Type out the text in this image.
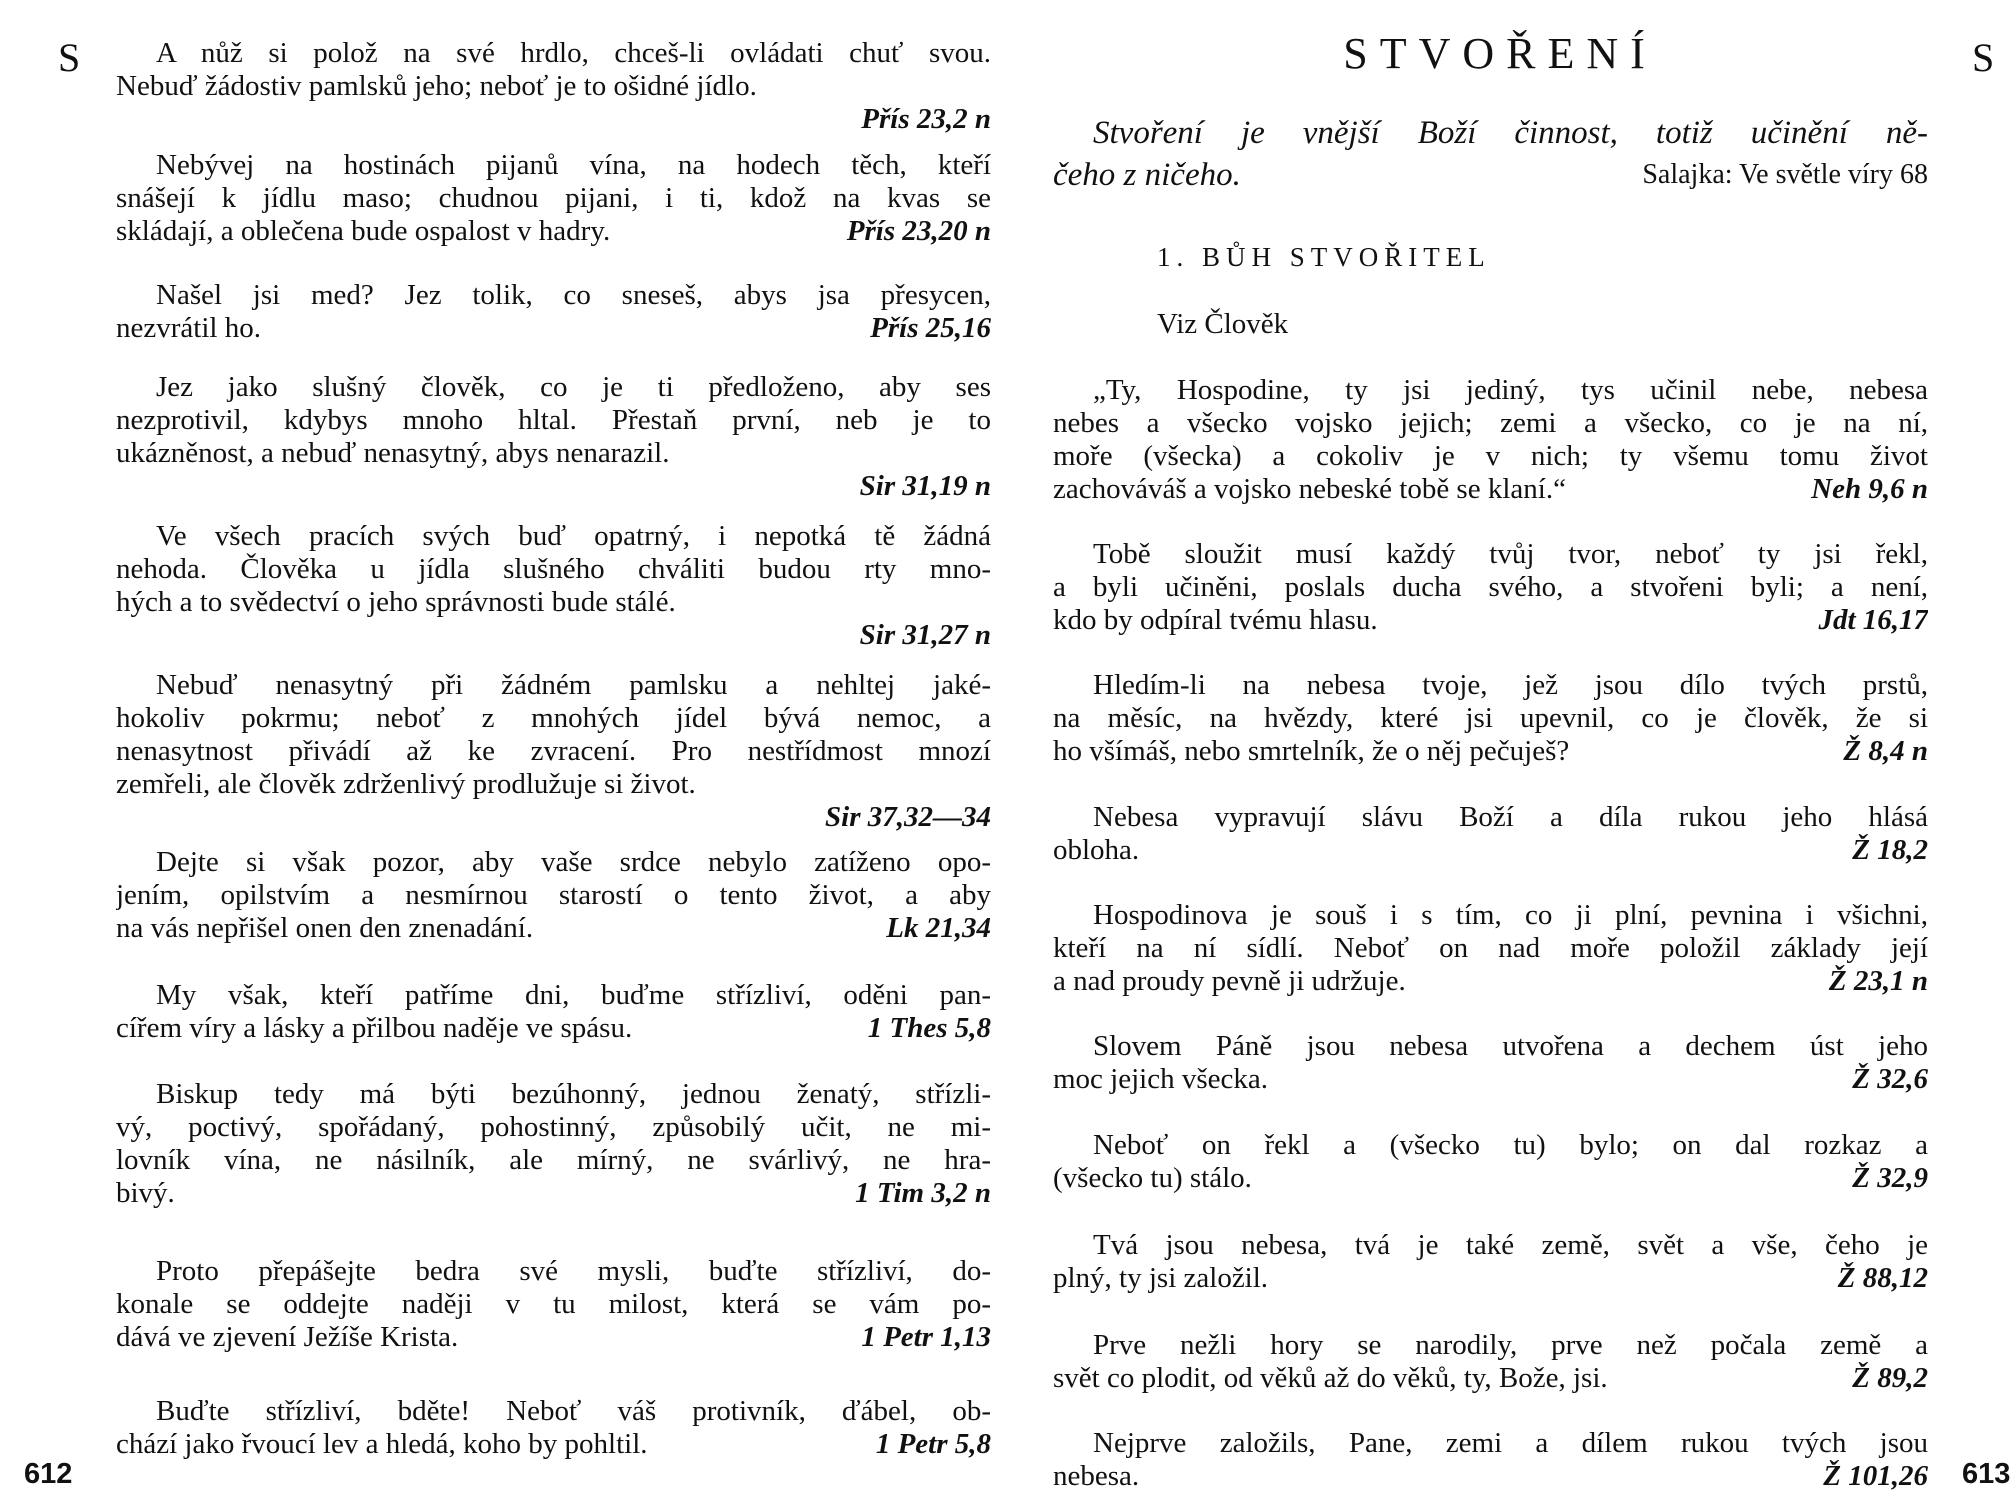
S	A nůž si polož na své hrdlo, chceš-li ovládati chuť svou.
Nebuď žádostiv pamlsků jeho; neboť je to ošidné jídlo.
Přís 23,2 n
Nebývej na hostinách pijanů vína, na hodech těch, kteří
snášejí k jídlu maso; chudnou pijani, i ti, kdož na kvas se
skládají, a oblečena bude ospalost v hadry.	Přís 23,20 n
Našel jsi med? Jez tolik, co sneseš, abys jsa přesycen,
nezvrátil ho.	Přís 25,16
Jez jako slušný člověk, co je ti předloženo, aby ses
nezprotivil, kdybys mnoho hltal. Přestaň první, neb je to
ukázněnost, a nebuď nenasytný, abys nenarazil.
Sir 31,19 n
Ve všech pracích svých buď opatrný, i nepotká tě žádná
nehoda. Člověka u jídla slušného chváliti budou rty mno-
hých a to svědectví o jeho správnosti bude stálé.
Sir 31,27 n
Nebuď nenasytný při žádném pamlsku a nehltej jaké-
hokoliv pokrmu; neboť z mnohých jídel bývá nemoc, a
nenasytnost přivádí až ke zvracení. Pro nestřídmost mnozí
zemřeli, ale člověk zdrženlivý prodlužuje si život.
Sir 37,32—34
Dejte si však pozor, aby vaše srdce nebylo zatíženo opo-
jením, opilstvím a nesmírnou starostí o tento život, a aby
na vás nepřišel onen den znenadání.	Lk 21,34
My však, kteří patříme dni, buďme střízliví, oděni pan-
cířem víry a lásky a přilbou naděje ve spásu.	1 Thes 5,8
Biskup tedy má býti bezúhonný, jednou ženatý, střízli-
vý, poctivý, spořádaný, pohostinný, způsobilý učit, ne mi-
lovník vína, ne násilník, ale mírný, ne svárlivý, ne hra-
bivý.	1 Tim 3,2 n
Proto přepášejte bedra své mysli, buďte střízliví, do-
konale se oddejte naději v tu milost, která se vám po-
dává ve zjevení Ježíše Krista.	1 Petr 1,13
Buďte střízliví, bděte! Neboť váš protivník, ďábel, ob-
chází jako řvoucí lev a hledá, koho by pohltil.	1 Petr 5,8
612
STVOŘENÍ	S
Stvoření je vnější Boží činnost, totiž učinění ně-
čeho z ničeho.	Salajka: Ve světle víry 68
1. BŮH STVOŘITEL
Viz Člověk
„Ty, Hospodine, ty jsi jediný, tys učinil nebe, nebesa
nebes a všecko vojsko jejich; zemi a všecko, co je na ní,
moře (všecka) a cokoliv je v nich; ty všemu tomu život
zachováváš a vojsko nebeské tobě se klaní.“	Neh 9,6 n
Tobě sloužit musí každý tvůj tvor, neboť ty jsi řekl,
a byli učiněni, poslals ducha svého, a stvořeni byli; a není,
kdo by odpíral tvému hlasu.	Jdt 16,17
Hledím-li na nebesa tvoje, jež jsou dílo tvých prstů,
na měsíc, na hvězdy, které jsi upevnil, co je člověk, že si
ho všímáš, nebo smrtelník, že o něj pečuješ?	Ž 8,4 n
Nebesa vypravují slávu Boží a díla rukou jeho hlásá
obloha.	Ž 18,2
Hospodinova je souš i s tím, co ji plní, pevnina i všichni,
kteří na ní sídlí. Neboť on nad moře položil základy její
a nad proudy pevně ji udržuje.	Ž 23,1 n
Slovem Páně jsou nebesa utvořena a dechem úst jeho
moc jejich všecka.	Ž 32,6
Neboť on řekl a (všecko tu) bylo; on dal rozkaz a
(všecko tu) stálo.	Ž 32,9
Tvá jsou nebesa, tvá je také země, svět a vše, čeho je
plný, ty jsi založil.	Ž 88,12
Prve nežli hory se narodily, prve než počala země a
svět co plodit, od věků až do věků, ty, Bože, jsi.	Ž 89,2
Nejprve založils, Pane, zemi a dílem rukou tvých jsou
nebesa.	Ž 101,26 613
